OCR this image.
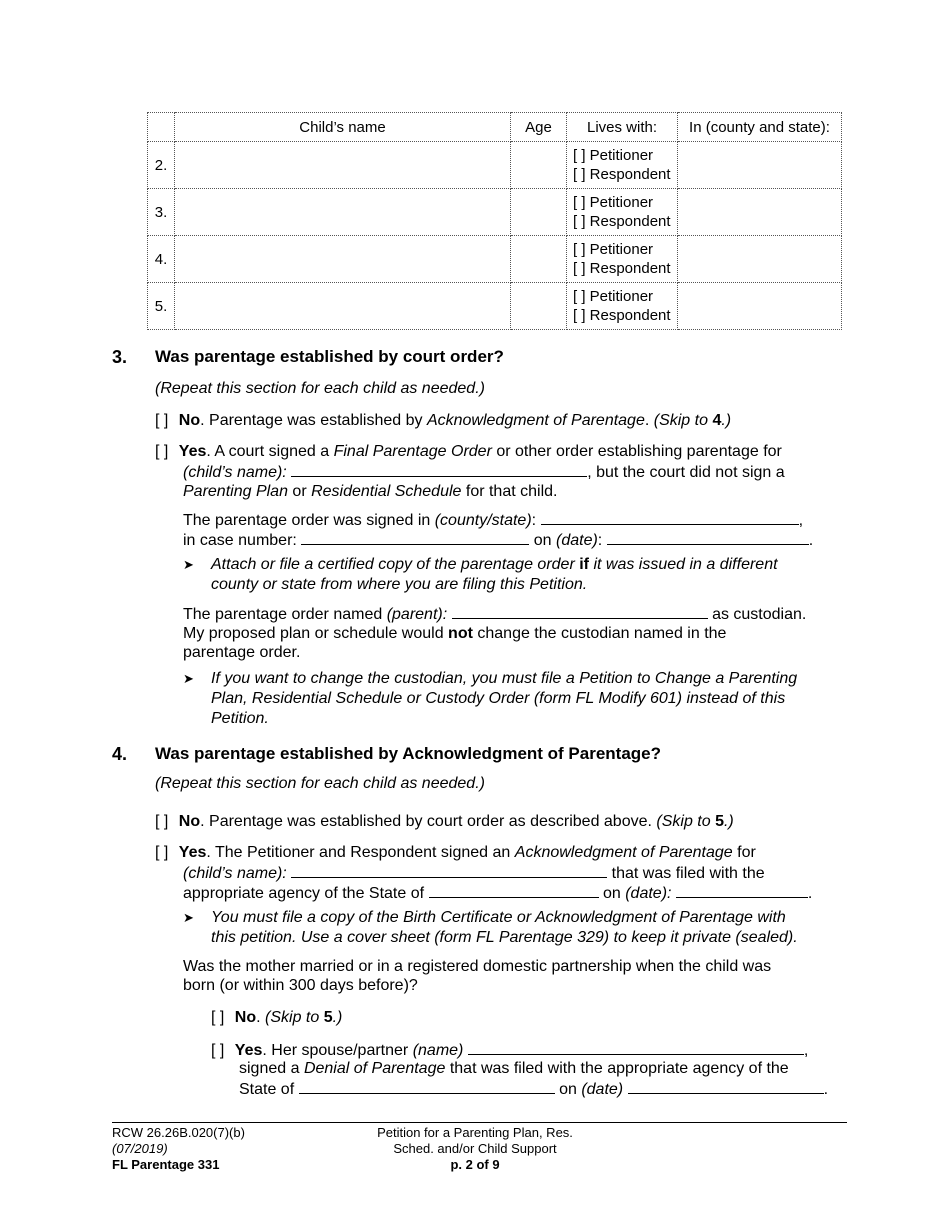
	Child’s name	Age	Lives with:	In (county and state):
2.			[ ] Petitioner
[ ] Respondent	

3.			[ ] Petitioner
[ ] Respondent	

4.			[ ] Petitioner
[ ] Respondent	

5.			[ ] Petitioner
[ ] Respondent	

3. Was parentage established by court order?
(Repeat this section for each child as needed.)
[ ] No. Parentage was established by Acknowledgment of Parentage. (Skip to 4.)
[ ] Yes. A court signed a Final Parentage Order or other order establishing parentage for
(child’s name):	, but the court did not sign a
Parenting Plan or Residential Schedule for that child.
The parentage order was signed in (county/state):	,
in case number:	on (date):	.
➤ Attach or file a certified copy of the parentage order if it was issued in a different
county or state from where you are filing this Petition.
The parentage order named (parent):	as custodian.
My proposed plan or schedule would not change the custodian named in the
parentage order.
➤ If you want to change the custodian, you must file a Petition to Change a Parenting
Plan, Residential Schedule or Custody Order (form FL Modify 601) instead of this
Petition.
4. Was parentage established by Acknowledgment of Parentage?
(Repeat this section for each child as needed.)
[ ] No. Parentage was established by court order as described above. (Skip to 5.)
[ ] Yes. The Petitioner and Respondent signed an Acknowledgment of Parentage for
(child’s name):	that was filed with the
appropriate agency of the State of	on (date):	.
➤ You must file a copy of the Birth Certificate or Acknowledgment of Parentage with
this petition. Use a cover sheet (form FL Parentage 329) to keep it private (sealed).
Was the mother married or in a registered domestic partnership when the child was
born (or within 300 days before)?
[ ] No. (Skip to 5.)
[ ] Yes. Her spouse/partner (name)	,
signed a Denial of Parentage that was filed with the appropriate agency of the
State of	on (date)	.
RCW 26.26B.020(7)(b)
(07/2019)
FL Parentage 331
Petition for a Parenting Plan, Res.
Sched. and/or Child Support
p. 2 of 9
